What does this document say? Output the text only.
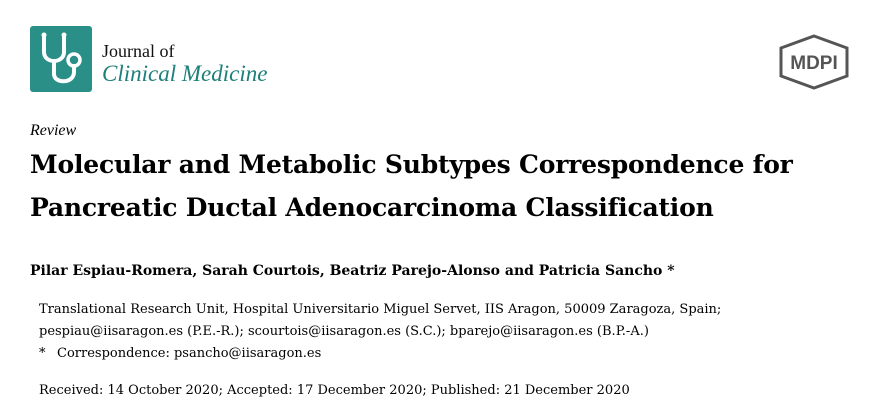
Journal of
Clinical Medicine	MDPI
Review
Molecular and Metabolic Subtypes Correspondence for Pancreatic Ductal Adenocarcinoma Classification
Pilar Espiau-Romera, Sarah Courtois, Beatriz Parejo-Alonso and Patricia Sancho *
Translational Research Unit, Hospital Universitario Miguel Servet, IIS Aragon, 50009 Zaragoza, Spain;
pespiau@iisaragon.es (P.E.-R.); scourtois@iisaragon.es (S.C.); bparejo@iisaragon.es (B.P.-A.)
* Correspondence: psancho@iisaragon.es
Received: 14 October 2020; Accepted: 17 December 2020; Published: 21 December 2020
